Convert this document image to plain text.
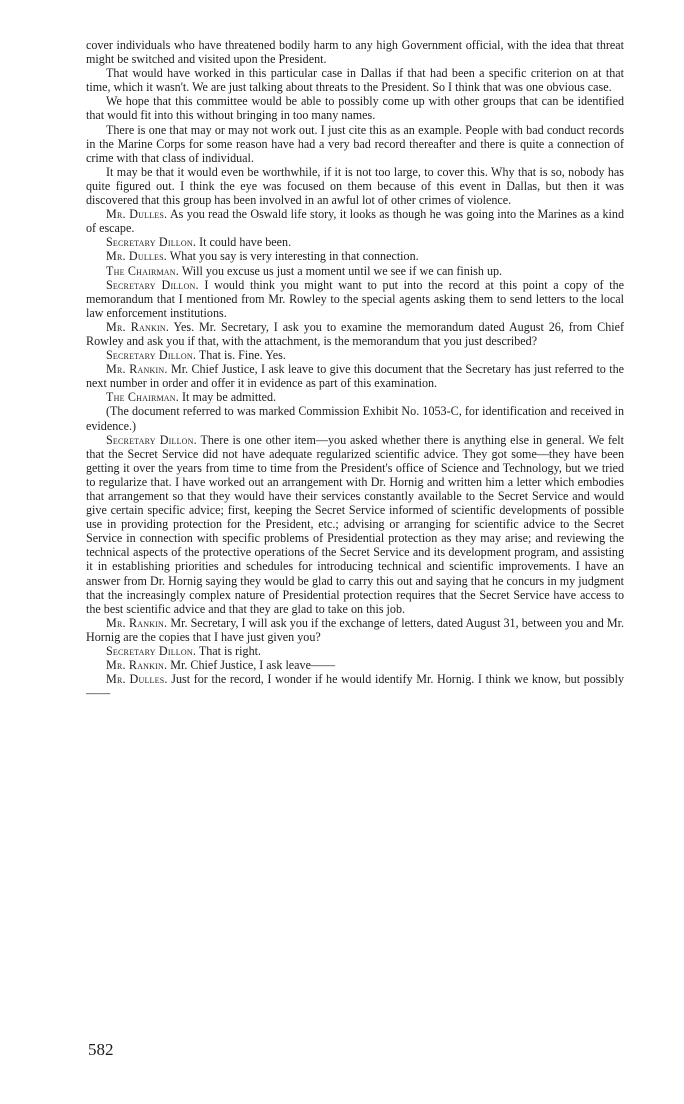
cover individuals who have threatened bodily harm to any high Government official, with the idea that threat might be switched and visited upon the President.

That would have worked in this particular case in Dallas if that had been a specific criterion on at that time, which it wasn't. We are just talking about threats to the President. So I think that was one obvious case.

We hope that this committee would be able to possibly come up with other groups that can be identified that would fit into this without bringing in too many names.

There is one that may or may not work out. I just cite this as an example. People with bad conduct records in the Marine Corps for some reason have had a very bad record thereafter and there is quite a connection of crime with that class of individual.

It may be that it would even be worthwhile, if it is not too large, to cover this. Why that is so, nobody has quite figured out. I think the eye was focused on them because of this event in Dallas, but then it was discovered that this group has been involved in an awful lot of other crimes of violence.

Mr. Dulles. As you read the Oswald life story, it looks as though he was going into the Marines as a kind of escape.

Secretary Dillon. It could have been.

Mr. Dulles. What you say is very interesting in that connection.

The Chairman. Will you excuse us just a moment until we see if we can finish up.

Secretary Dillon. I would think you might want to put into the record at this point a copy of the memorandum that I mentioned from Mr. Rowley to the special agents asking them to send letters to the local law enforcement institutions.

Mr. Rankin. Yes. Mr. Secretary, I ask you to examine the memorandum dated August 26, from Chief Rowley and ask you if that, with the attachment, is the memorandum that you just described?

Secretary Dillon. That is. Fine. Yes.

Mr. Rankin. Mr. Chief Justice, I ask leave to give this document that the Secretary has just referred to the next number in order and offer it in evidence as part of this examination.

The Chairman. It may be admitted.

(The document referred to was marked Commission Exhibit No. 1053-C, for identification and received in evidence.)

Secretary Dillon. There is one other item—you asked whether there is anything else in general. We felt that the Secret Service did not have adequate regularized scientific advice. They got some—they have been getting it over the years from time to time from the President's office of Science and Technology, but we tried to regularize that. I have worked out an arrangement with Dr. Hornig and written him a letter which embodies that arrangement so that they would have their services constantly available to the Secret Service and would give certain specific advice; first, keeping the Secret Service informed of scientific developments of possible use in providing protection for the President, etc.; advising or arranging for scientific advice to the Secret Service in connection with specific problems of Presidential protection as they may arise; and reviewing the technical aspects of the protective operations of the Secret Service and its development program, and assisting it in establishing priorities and schedules for introducing technical and scientific improvements. I have an answer from Dr. Hornig saying they would be glad to carry this out and saying that he concurs in my judgment that the increasingly complex nature of Presidential protection requires that the Secret Service have access to the best scientific advice and that they are glad to take on this job.

Mr. Rankin. Mr. Secretary, I will ask you if the exchange of letters, dated August 31, between you and Mr. Hornig are the copies that I have just given you?

Secretary Dillon. That is right.

Mr. Rankin. Mr. Chief Justice, I ask leave——

Mr. Dulles. Just for the record, I wonder if he would identify Mr. Hornig. I think we know, but possibly——

582
